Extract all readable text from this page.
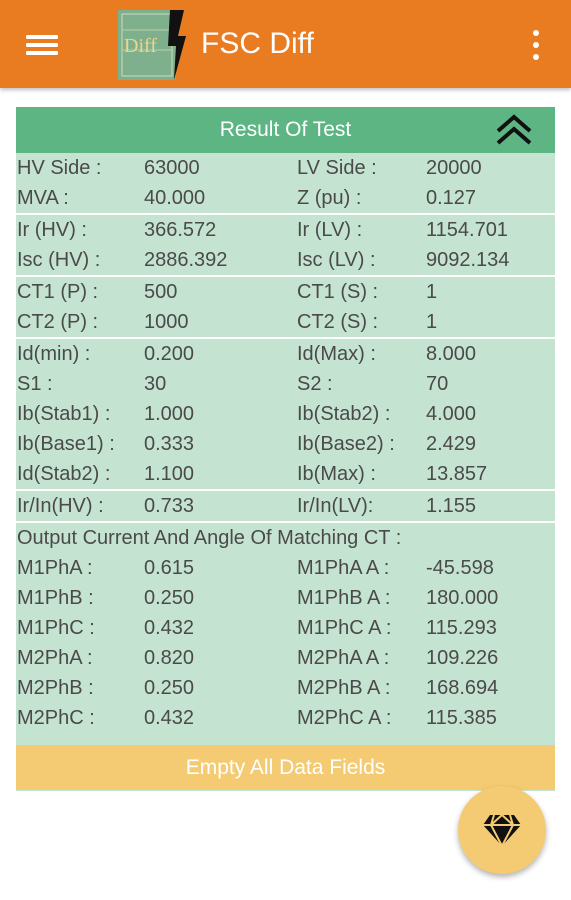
Diff FSC Diff
Result Of Test
HV Side : 63000	LV Side : 20000
MVA :	40.000	Z (pu) :	0.127
Ir (HV) :	366.572	Ir (LV) :	1154.701
Isc (HV) : 2886.392	Isc (LV) :	9092.134
CT1 (P) : 500	CT1 (S) : 1
CT2 (P) : 1000	CT2 (S) : 1
Id(min) :	0.200	Id(Max) :	8.000
S1 :	30	S2 :	70
Ib(Stab1) : 1.000	Ib(Stab2) : 4.000
Ib(Base1) : 0.333	Ib(Base2) : 2.429
Id(Stab2) : 1.100	Ib(Max) :	13.857
Ir/In(HV) : 0.733	Ir/In(LV):	1.155
Output Current And Angle Of Matching CT :
M1PhA :	0.615	M1PhA A : -45.598
M1PhB :	0.250	M1PhB A : 180.000
M1PhC : 0.432	M1PhC A : 115.293
M2PhA :	0.820	M2PhA A : 109.226
M2PhB :	0.250	M2PhB A : 168.694
M2PhC : 0.432	M2PhC A : 115.385
Empty All Data Fields
